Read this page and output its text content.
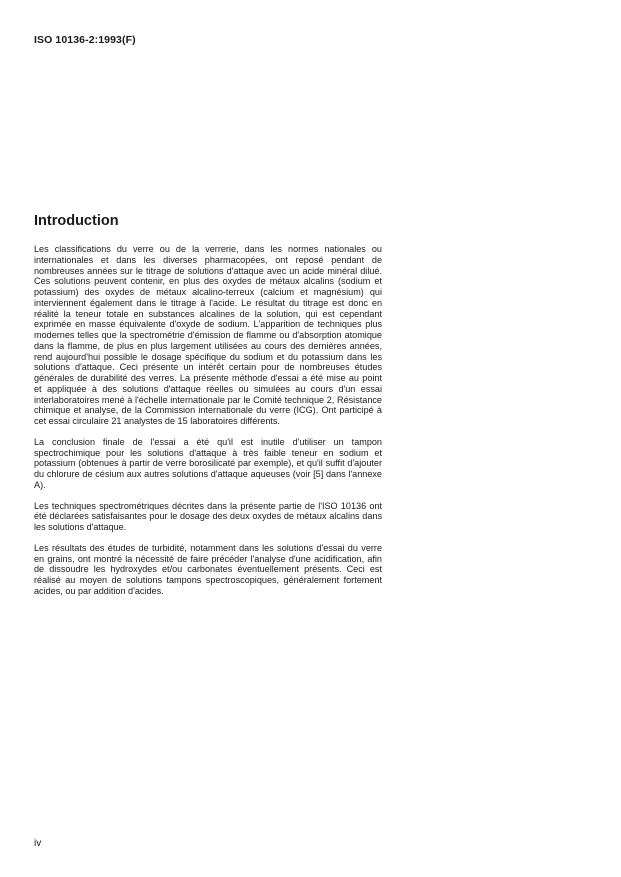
ISO 10136-2:1993(F)
Introduction

Les classifications du verre ou de la verrerie, dans les normes nationales ou internationales et dans les diverses pharmacopées, ont reposé pendant de nombreuses années sur le titrage de solutions d'attaque avec un acide minéral dilué. Ces solutions peuvent contenir, en plus des oxydes de métaux alcalins (sodium et potassium) des oxydes de métaux alcalino-terreux (calcium et magnésium) qui interviennent également dans le titrage à l'acide. Le résultat du titrage est donc en réalité la teneur totale en substances alcalines de la solution, qui est cependant exprimée en masse équivalente d'oxyde de sodium. L'apparition de techniques plus modernes telles que la spectrométrie d'émission de flamme ou d'absorption atomique dans la flamme, de plus en plus largement utilisées au cours des dernières années, rend aujourd'hui possible le dosage spécifique du sodium et du potassium dans les solutions d'attaque. Ceci présente un intérêt certain pour de nombreuses études générales de durabilité des verres. La présente méthode d'essai a été mise au point et appliquée à des solutions d'attaque réelles ou simulées au cours d'un essai interlaboratoires mené à l'échelle internationale par le Comité technique 2, Résistance chimique et analyse, de la Commission internationale du verre (ICG). Ont participé à cet essai circulaire 21 analystes de 15 laboratoires différents.

La conclusion finale de l'essai a été qu'il est inutile d'utiliser un tampon spectrochimique pour les solutions d'attaque à très faible teneur en sodium et potassium (obtenues à partir de verre borosilicaté par exemple), et qu'il suffit d'ajouter du chlorure de césium aux autres solutions d'attaque aqueuses (voir [5] dans l'annexe A).

Les techniques spectrométriques décrites dans la présente partie de l'ISO 10136 ont été déclarées satisfaisantes pour le dosage des deux oxydes de métaux alcalins dans les solutions d'attaque.

Les résultats des études de turbidité, notamment dans les solutions d'essai du verre en grains, ont montré la nécessité de faire précéder l'analyse d'une acidification, afin de dissoudre les hydroxydes et/ou carbonates éventuellement présents. Ceci est réalisé au moyen de solutions tampons spectroscopiques, généralement fortement acides, ou par addition d'acides.

iv
